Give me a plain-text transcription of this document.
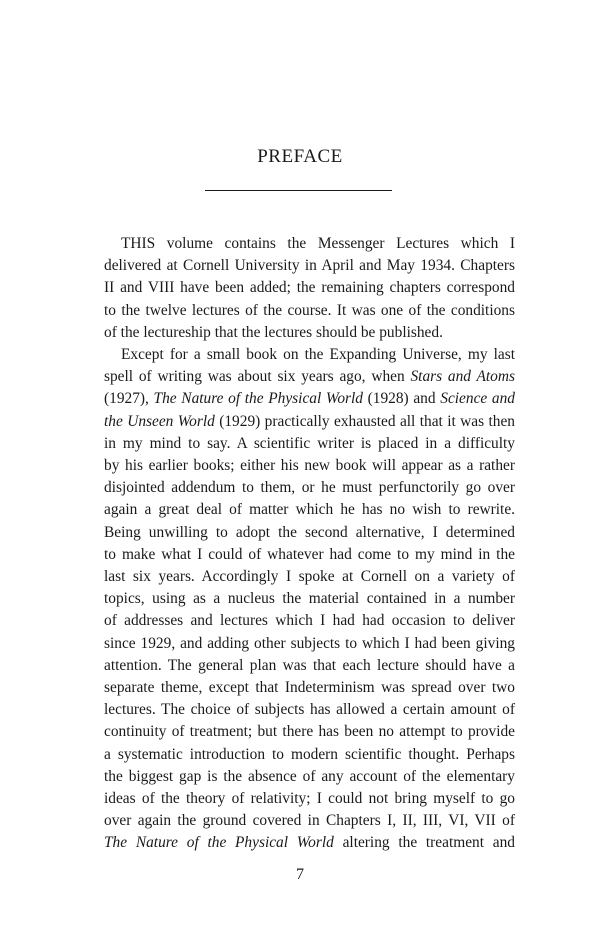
PREFACE

THIS volume contains the Messenger Lectures which I
delivered at Cornell University in April and May 1934. Chapters
II and VIII have been added; the remaining chapters correspond
to the twelve lectures of the course. It was one of the conditions
of the lectureship that the lectures should be published.

Except for a small book on the Expanding Universe, my last
spell of writing was about six years ago, when Stars and Atoms
(1927), The Nature of the Physical World (1928) and Science and
the Unseen World (1929) practically exhausted all that it was then
in my mind to say. A scientific writer is placed in a difficulty
by his earlier books; either his new book will appear as a rather
disjointed addendum to them, or he must perfunctorily go over
again a great deal of matter which he has no wish to rewrite.
Being unwilling to adopt the second alternative, I determined
to make what I could of whatever had come to my mind in the
last six years. Accordingly I spoke at Cornell on a variety of
topics, using as a nucleus the material contained in a number
of addresses and lectures which I had had occasion to deliver
since 1929, and adding other subjects to which I had been giving
attention. The general plan was that each lecture should have a
separate theme, except that Indeterminism was spread over two
lectures. The choice of subjects has allowed a certain amount of
continuity of treatment; but there has been no attempt to provide
a systematic introduction to modern scientific thought. Perhaps
the biggest gap is the absence of any account of the elementary
ideas of the theory of relativity; I could not bring myself to go
over again the ground covered in Chapters I, II, III, VI, VII of
The Nature of the Physical World altering the treatment and

7
